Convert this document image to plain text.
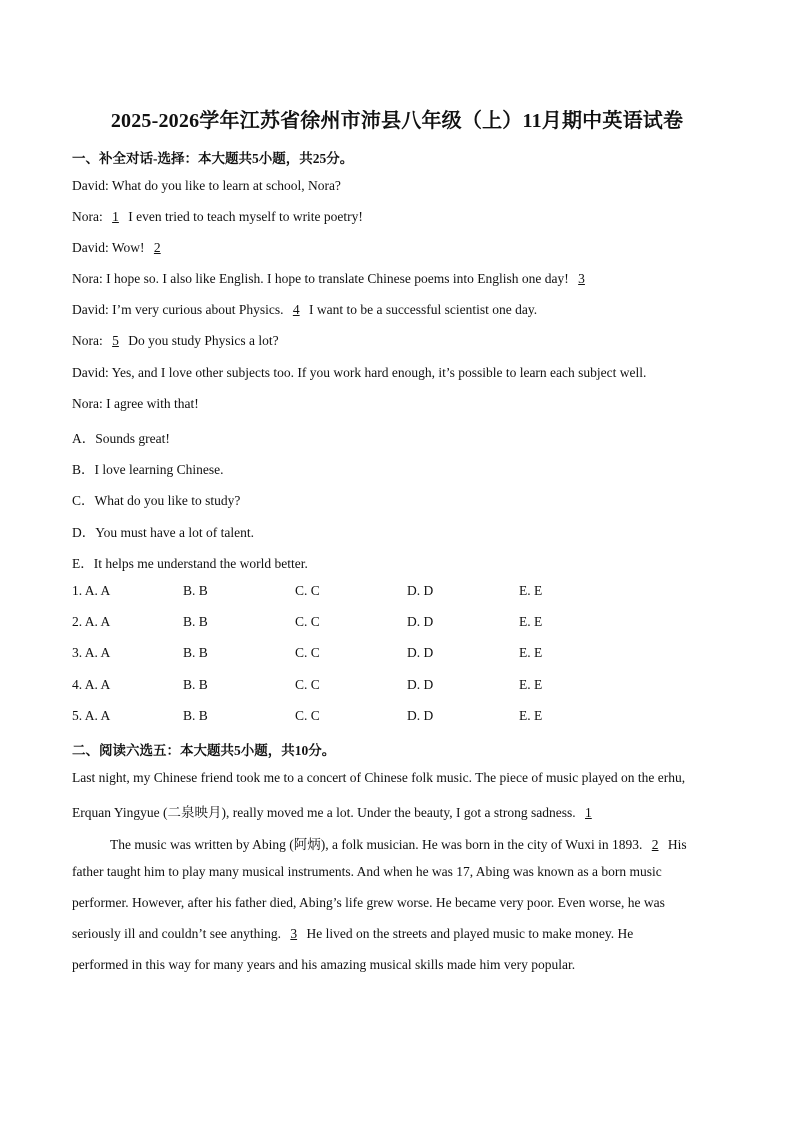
2025-2026学年江苏省徐州市沛县八年级（上）11月期中英语试卷
一、补全对话-选择：本大题共5小题，共25分。
David: What do you like to learn at school, Nora?
Nora: 1 I even tried to teach myself to write poetry!
David: Wow! 2
Nora: I hope so. I also like English. I hope to translate Chinese poems into English one day! 3
David: I’m very curious about Physics. 4 I want to be a successful scientist one day.
Nora: 5 Do you study Physics a lot?
David: Yes, and I love other subjects too. If you work hard enough, it’s possible to learn each subject well.
Nora: I agree with that!
A．Sounds great!
B．I love learning Chinese.
C．What do you like to study?
D．You must have a lot of talent.
E．It helps me understand the world better.
1. A. A	B. B	C. C	D. D	E. E
2. A. A	B. B	C. C	D. D	E. E
3. A. A	B. B	C. C	D. D	E. E
4. A. A	B. B	C. C	D. D	E. E
5. A. A	B. B	C. C	D. D	E. E
二、阅读六选五：本大题共5小题，共10分。
Last night, my Chinese friend took me to a concert of Chinese folk music. The piece of music played on the erhu,
Erquan Yingyue (二泉映月), really moved me a lot. Under the beauty, I got a strong sadness. 1
The music was written by Abing (阿炳), a folk musician. He was born in the city of Wuxi in 1893. 2 His
father taught him to play many musical instruments. And when he was 17, Abing was known as a born music
performer. However, after his father died, Abing’s life grew worse. He became very poor. Even worse, he was
seriously ill and couldn’t see anything. 3 He lived on the streets and played music to make money. He
performed in this way for many years and his amazing musical skills made him very popular.
